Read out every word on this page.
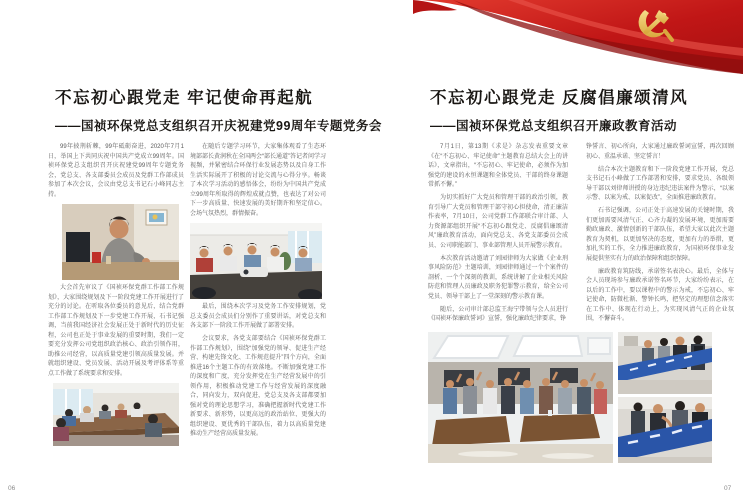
不忘初心跟党走 牢记使命再起航
——国祯环保党总支组织召开庆祝建党99周年专题党务会

99年披荆斩棘，99年砥砺奋进，2020年7月1日，举国上下共同庆祝中国共产党成立99周年。国祯环保党总支组织召开庆祝建党99周年专题党务会，党总支、各支部委员会成员及党群工作部成员参加了本次会议，会议由党总支书记石小峰同志主持。

大会首先审议了《国祯环保党群工作部工作规划》，大家围绕规划及下一阶段党建工作开展进行了充分的讨论。在听取各位委员的意见后，结合党群工作部工作规划及下一步党建工作开展，石书记强调，当前我国经济社会发展正处于新时代的历史征程，公司也正处于事业发展的重要时期，我们一定要充分发挥公司党组织政治核心、政治引领作用，助推公司经营，以高质量党建引领高质量发展。并就组织建设、党员发展、活动开展及考评体系等重点工作做了系统要求和安排。

在随后专题学习环节，大家集体观看了生态环境部部长黄润秋在全国两会“部长通道”答记者问学习视频，并紧密结合环保行业发展态势以及自身工作生活实际展开了积极的讨论交流与心得分享。畅谈了本次学习活动的感悟体会，纷纷为中国共产党成立99周年所取得的辉煌成就点赞，也表达了对公司下一步高质量、快速发展的美好期许和坚定信心。会场气氛热烈，群情振奋。

最后，围绕本次学习及党务工作安排规划，党总支委员会成员们分别作了重要讲话，对党总支和各支部下一阶段工作开展做了部署安排。

会议要求，各党支部要结合《国祯环保党群工作部工作规划》，围绕“加强党的领导、促进生产经营、构建先锋文化、工作规范提升”四个方向，全面推进16个主题工作的有效落地。不断加强党建工作的深度和广度，充分发挥党在生产经营发展中的引领作用，积极推动党建工作与经营发展的深度融合，同向发力，双向促进，党总支及各支部都要加强对党的理论思想学习，准确把握新时代党建工作新要求、新形势，以更高远的政治站位、更强大的组织建设、更优秀的干部队伍，着力以高质量党建推动生产经营高质量发展。

06
不忘初心跟党走 反腐倡廉颂清风
——国祯环保党总支组织召开廉政教育活动

7月1日，第13期《求是》杂志发表重要文章《在“不忘初心、牢记使命”主题教育总结大会上的讲话》，文章指出，“不忘初心、牢记使命，必须作为加强党的建设的永恒课题和全体党员、干部的终身课题常抓不懈。”

为切实抓好广大党员和管理干部的政治引领，教育引导广大党员和管理干部守初心担使命，清正廉洁作表率，7月10日，公司党群工作部联合审计部、人力资源部组织开展“不忘初心跟党走、反腐倡廉颂清风”廉政教育活动，面向党总支、各党支部委员会成员、公司职能部门、事业部管理人员开展警示教育。

本次教育活动邀请了刘园律师为大家做《企业刑事风险防范》主题培训，刘园律师通过一个个案件的剖析、一个个深刻的教训，系统讲解了企业相关风险防范和管理人员廉政及职务犯罪警示教育，给全公司党员、领导干部上了一堂深刻的警示教育课。

随后，公司审计部总监王海宁带领与会人员进行《国祯环保廉政誓词》宣誓，强化廉政纪律要求，铮

铮誓言、初心所向，大家通过廉政誓词宣誓，再次回顾初心、重温承诺、坚定誓言！

结合本次主题教育和下一阶段党建工作开展，党总支书记石小峰做了工作部署和安排，要求党员、各级领导干部以刘律师讲授的身边违纪违法案件为警示，“以案示警、以案为戒、以案促改”，全面推进廉政教育。

石书记强调，公司正处于高速发展的关键时期，我们更加需要风清气正、心齐力凝的发展环境，更加需要勤政廉政、激情创新的干部队伍，希望大家以此次主题教育为契机，以更加坚决的态度，更加有力的举措，更加扎实的工作，全力推进廉政教育，为国祯环保事业发展提供坚实有力的政治保障和组织保障。

廉政教育筑防线，承诺签名表决心。最后，全体与会人员现场参与廉政承诺签名环节，大家纷纷表示，在以后的工作中，要以课程中的警示为戒，不忘初心、牢记使命，防微杜渐、警钟长鸣，把坚定的理想信念落实在工作中、体现在行动上，为实现风清气正的企业氛围，不懈奋斗。

07
